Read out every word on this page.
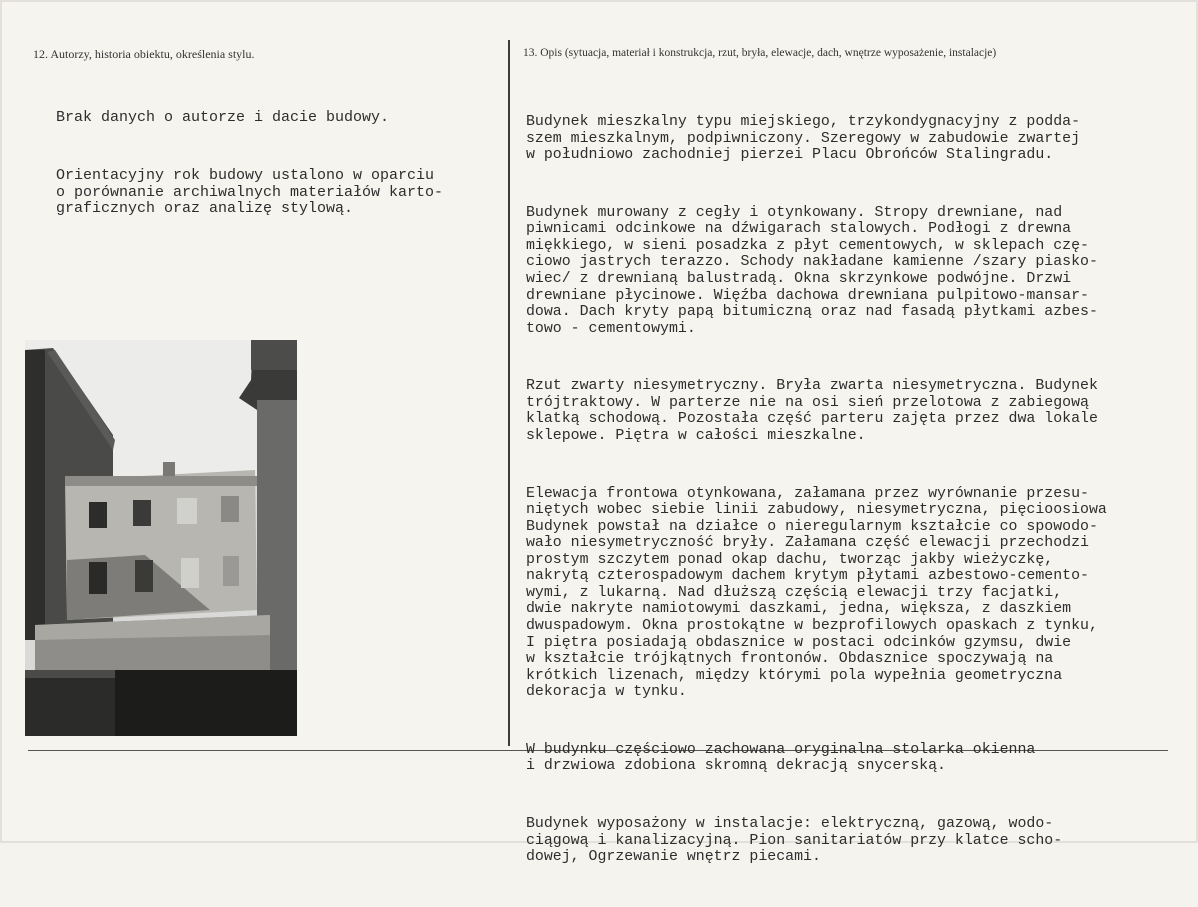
12. Autorzy, historia obiektu, określenia stylu.	13. Opis (sytuacja, materiał i konstrukcja, rzut, bryła, elewacje, dach, wnętrze wyposażenie, instalacje)

Brak danych o autorze i dacie budowy.

Orientacyjny rok budowy ustalono w oparciu
o porównanie archiwalnych materiałów karto-
graficznych oraz analizę stylową.

Budynek mieszkalny typu miejskiego, trzykondygnacyjny z podda-
szem mieszkalnym, podpiwniczony. Szeregowy w zabudowie zwartej
w południowo zachodniej pierzei Placu Obrońców Stalingradu.

Budynek murowany z cegły i otynkowany. Stropy drewniane, nad
piwnicami odcinkowe na dźwigarach stalowych. Podłogi z drewna
miękkiego, w sieni posadzka z płyt cementowych, w sklepach czę-
ciowo jastrych terazzo. Schody nakładane kamienne /szary piasko-
wiec/ z drewnianą balustradą. Okna skrzynkowe podwójne. Drzwi
drewniane płycinowe. Więźba dachowa drewniana pulpitowo-mansar-
dowa. Dach kryty papą bitumiczną oraz nad fasadą płytkami azbes-
towo - cementowymi.

Rzut zwarty niesymetryczny. Bryła zwarta niesymetryczna. Budynek
trójtraktowy. W parterze nie na osi sień przelotowa z zabiegową
klatką schodową. Pozostała część parteru zajęta przez dwa lokale
sklepowe. Piętra w całości mieszkalne.

Elewacja frontowa otynkowana, załamana przez wyrównanie przesu-
niętych wobec siebie linii zabudowy, niesymetryczna, pięcioosiowa
Budynek powstał na działce o nieregularnym kształcie co spowodo-
wało niesymetryczność bryły. Załamana część elewacji przechodzi
prostym szczytem ponad okap dachu, tworząc jakby wieżyczkę,
nakrytą czterospadowym dachem krytym płytami azbestowo-cemento-
wymi, z lukarną. Nad dłuższą częścią elewacji trzy facjatki,
dwie nakryte namiotowymi daszkami, jedna, większa, z daszkiem
dwuspadowym. Okna prostokątne w bezprofilowych opaskach z tynku,
I piętra posiadają obdasznice w postaci odcinków gzymsu, dwie
w kształcie trójkątnych frontonów. Obdasznice spoczywają na
krótkich lizenach, między którymi pola wypełnia geometryczna
dekoracja w tynku.

W budynku częściowo zachowana oryginalna stolarka okienna
i drzwiowa zdobiona skromną dekracją snycerską.

Budynek wyposażony w instalacje: elektryczną, gazową, wodo-
ciągową i kanalizacyjną. Pion sanitariatów przy klatce scho-
dowej, Ogrzewanie wnętrz piecami.
